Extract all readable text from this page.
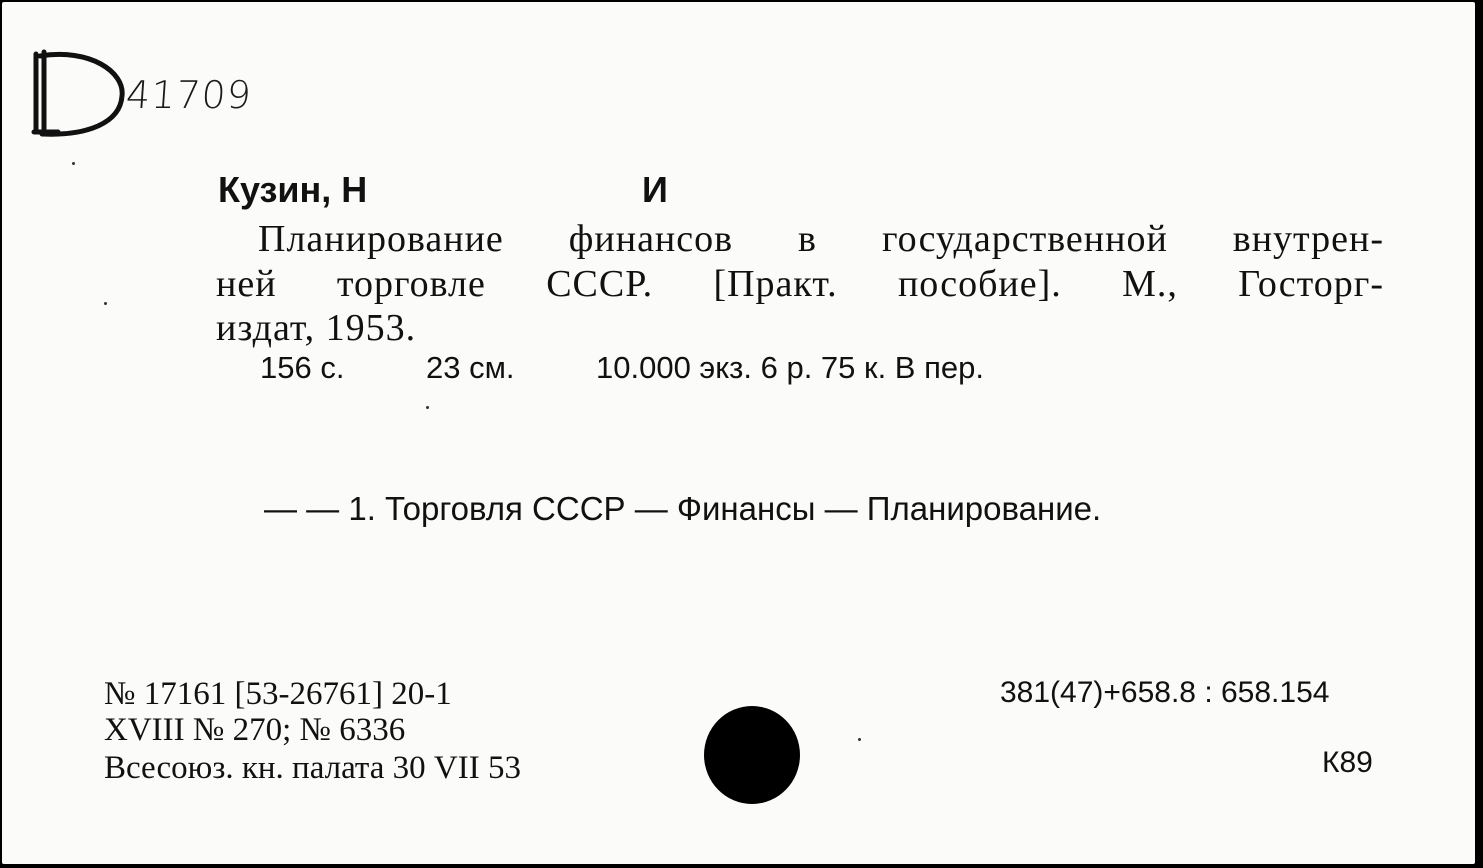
41709
Кузин, Н	И
Планирование финансов в государственной внутрен-
ней торговле СССР. [Практ. пособие]. М., Госторг-
издат, 1953.
156 с.	23 см.	10.000 экз. 6 р. 75 к. В пер.
— — 1. Торговля СССР — Финансы — Планирование.
№ 17161 [53-26761] 20-1
XVIII № 270; № 6336
Всесоюз. кн. палата 30 VII 53
381(47)+658.8 : 658.154
К89
